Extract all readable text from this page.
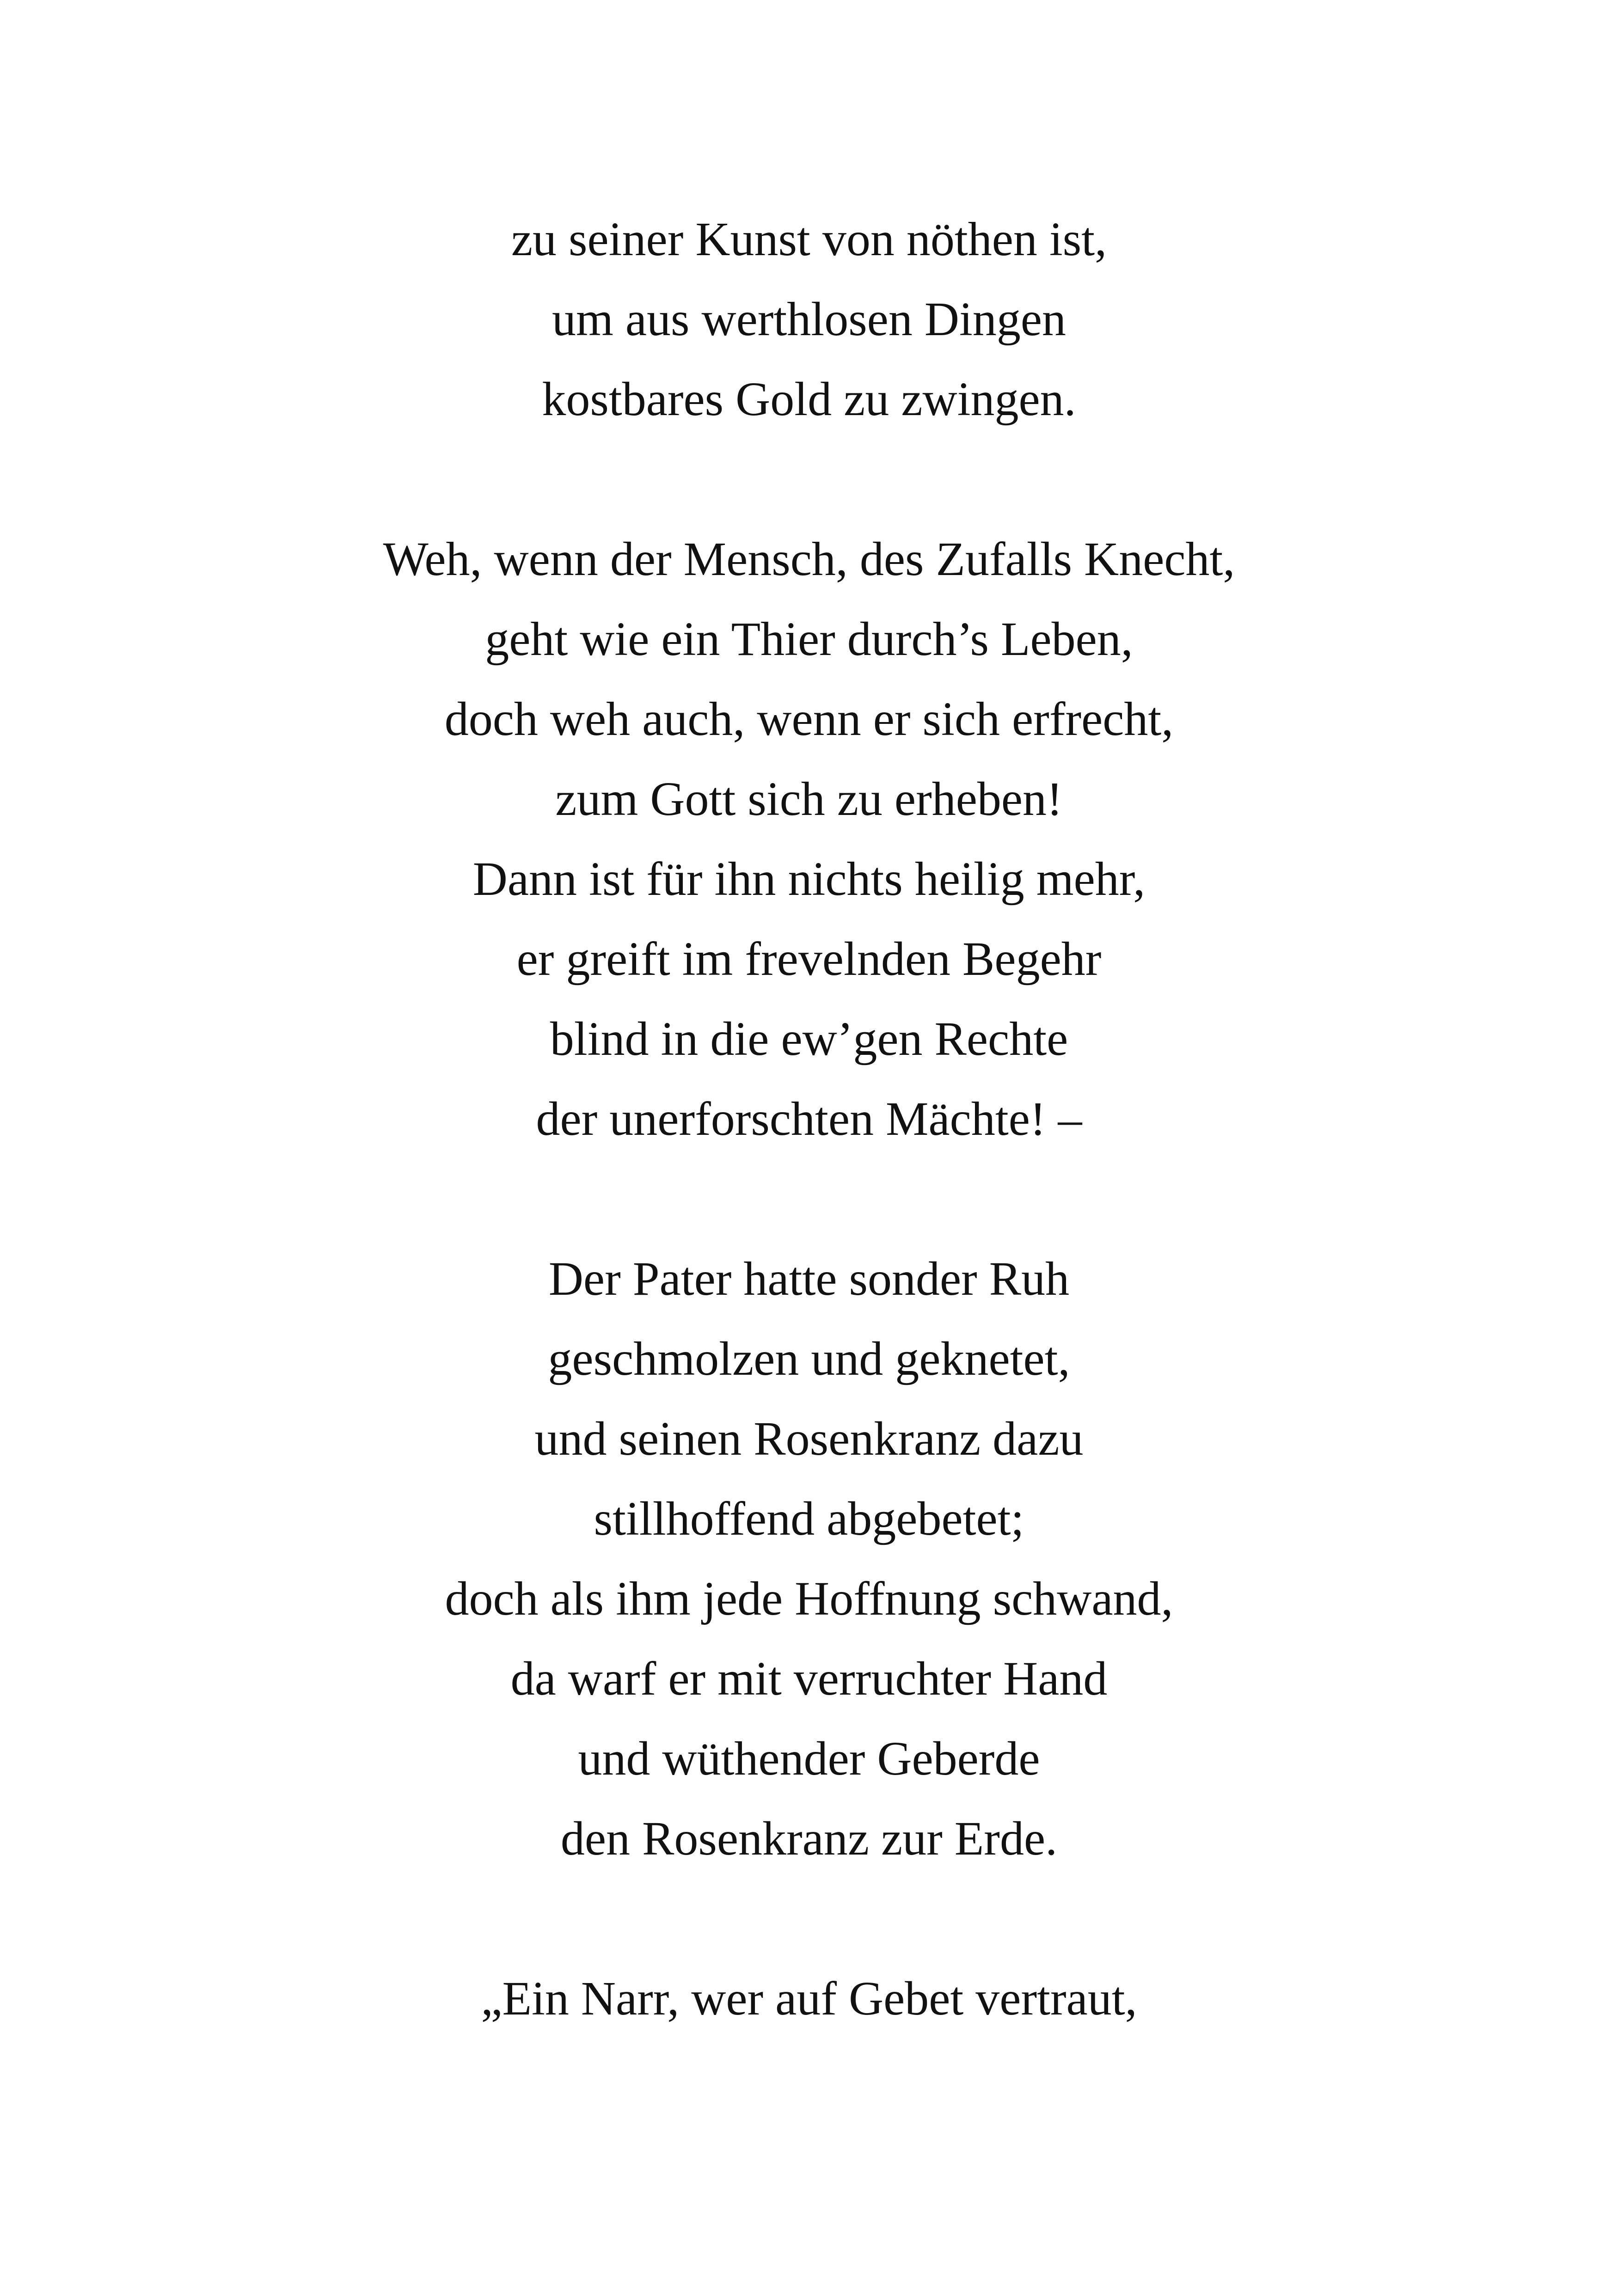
zu seiner Kunst von nöthen ist,
um aus werthlosen Dingen
kostbares Gold zu zwingen.
Weh, wenn der Mensch, des Zufalls Knecht,
geht wie ein Thier durch’s Leben,
doch weh auch, wenn er sich erfrecht,
zum Gott sich zu erheben!
Dann ist für ihn nichts heilig mehr,
er greift im frevelnden Begehr
blind in die ew’gen Rechte
der unerforschten Mächte! –
Der Pater hatte sonder Ruh
geschmolzen und geknetet,
und seinen Rosenkranz dazu
stillhoffend abgebetet;
doch als ihm jede Hoffnung schwand,
da warf er mit verruchter Hand
und wüthender Geberde
den Rosenkranz zur Erde.
„Ein Narr, wer auf Gebet vertraut,
